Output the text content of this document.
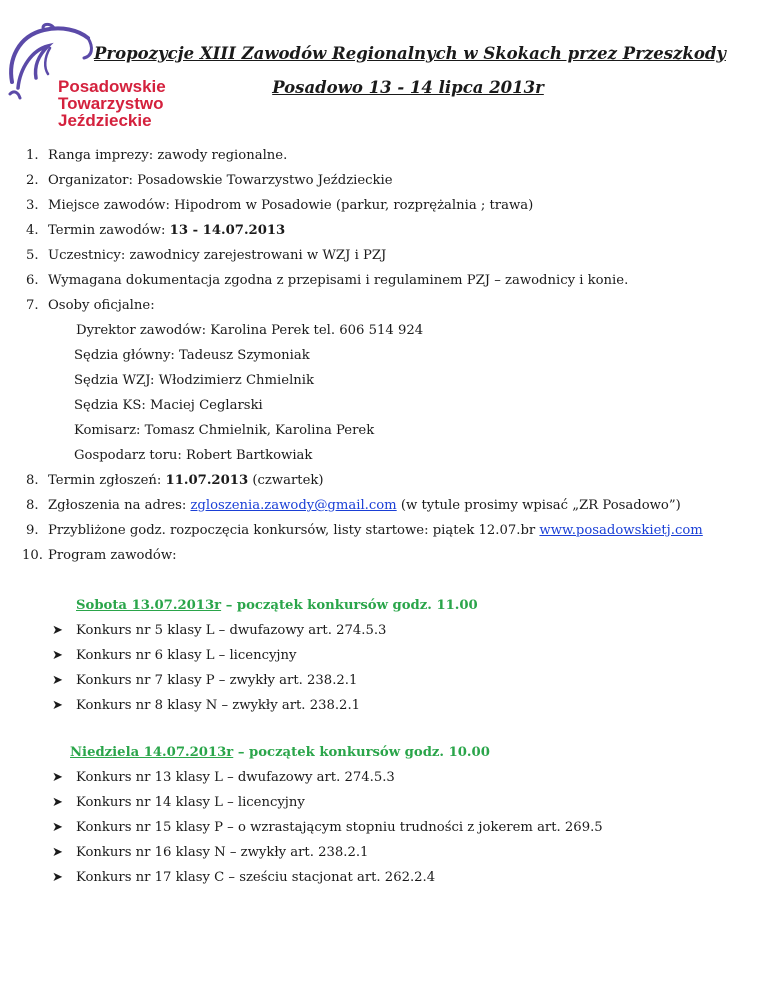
Posadowskie
Towarzystwo
Jeździeckie
Propozycje XIII Zawodów Regionalnych w Skokach przez Przeszkody
Posadowo 13 - 14 lipca 2013r
1. Ranga imprezy: zawody regionalne.
2. Organizator: Posadowskie Towarzystwo Jeździeckie
3. Miejsce zawodów: Hipodrom w Posadowie (parkur, rozprężalnia ; trawa)
4. Termin zawodów: 13 - 14.07.2013
5. Uczestnicy: zawodnicy zarejestrowani w WZJ i PZJ
6. Wymagana dokumentacja zgodna z przepisami i regulaminem PZJ – zawodnicy i konie.
7. Osoby oficjalne:
Dyrektor zawodów: Karolina Perek tel. 606 514 924
Sędzia główny: Tadeusz Szymoniak
Sędzia WZJ: Włodzimierz Chmielnik
Sędzia KS: Maciej Ceglarski
Komisarz: Tomasz Chmielnik, Karolina Perek
Gospodarz toru: Robert Bartkowiak
8. Termin zgłoszeń: 11.07.2013 (czwartek)
8. Zgłoszenia na adres: zgloszenia.zawody@gmail.com (w tytule prosimy wpisać „ZR Posadowo”)
9. Przybliżone godz. rozpoczęcia konkursów, listy startowe: piątek 12.07.br www.posadowskietj.com
10. Program zawodów:
Sobota 13.07.2013r – początek konkursów godz. 11.00
➤ Konkurs nr 5 klasy L – dwufazowy art. 274.5.3
➤ Konkurs nr 6 klasy L – licencyjny
➤ Konkurs nr 7 klasy P – zwykły art. 238.2.1
➤ Konkurs nr 8 klasy N – zwykły art. 238.2.1
Niedziela 14.07.2013r – początek konkursów godz. 10.00
➤ Konkurs nr 13 klasy L – dwufazowy art. 274.5.3
➤ Konkurs nr 14 klasy L – licencyjny
➤ Konkurs nr 15 klasy P – o wzrastającym stopniu trudności z jokerem art. 269.5
➤ Konkurs nr 16 klasy N – zwykły art. 238.2.1
➤ Konkurs nr 17 klasy C – sześciu stacjonat art. 262.2.4
